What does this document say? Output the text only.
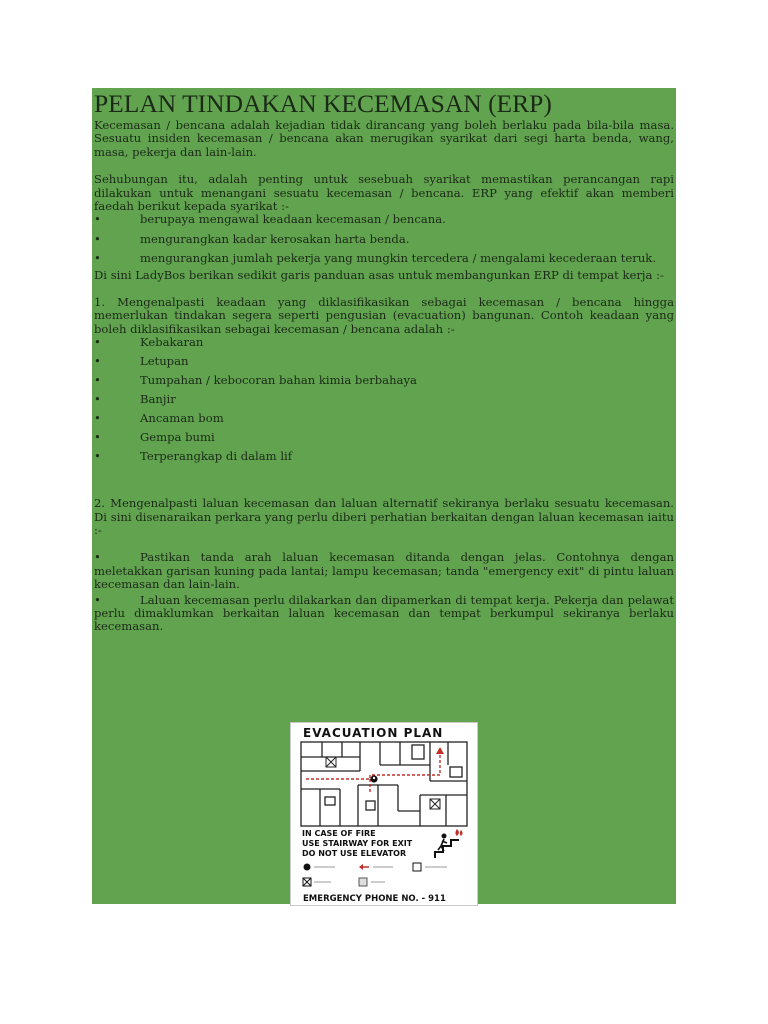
PELAN TINDAKAN KECEMASAN (ERP)

Kecemasan / bencana adalah kejadian tidak dirancang yang boleh berlaku pada bila-bila masa. Sesuatu insiden kecemasan / bencana akan merugikan syarikat dari segi harta benda, wang, masa, pekerja dan lain-lain.

Sehubungan itu, adalah penting untuk sesebuah syarikat memastikan perancangan rapi dilakukan untuk menangani sesuatu kecemasan / bencana. ERP yang efektif akan memberi faedah berikut kepada syarikat :-

•	berupaya mengawal keadaan kecemasan / bencana.
•	mengurangkan kadar kerosakan harta benda.
•	mengurangkan jumlah pekerja yang mungkin tercedera / mengalami kecederaan teruk.

Di sini LadyBos berikan sedikit garis panduan asas untuk membangunkan ERP di tempat kerja :-

1. Mengenalpasti keadaan yang diklasifikasikan sebagai kecemasan / bencana hingga memerlukan tindakan segera seperti pengusian (evacuation) bangunan. Contoh keadaan yang boleh diklasifikasikan sebagai kecemasan / bencana adalah :-

•	Kebakaran
•	Letupan
•	Tumpahan / kebocoran bahan kimia berbahaya
•	Banjir
•	Ancaman bom
•	Gempa bumi
•	Terperangkap di dalam lif

2. Mengenalpasti laluan kecemasan dan laluan alternatif sekiranya berlaku sesuatu kecemasan. Di sini disenaraikan perkara yang perlu diberi perhatian berkaitan dengan laluan kecemasan iaitu :-

•	Pastikan tanda arah laluan kecemasan ditanda dengan jelas. Contohnya dengan meletakkan garisan kuning pada lantai; lampu kecemasan; tanda "emergency exit" di pintu laluan kecemasan dan lain-lain.
•	Laluan kecemasan perlu dilakarkan dan dipamerkan di tempat kerja. Pekerja dan pelawat perlu dimaklumkan berkaitan laluan kecemasan dan tempat berkumpul sekiranya berlaku kecemasan.
EVACUATION PLAN
IN CASE OF FIRE
USE STAIRWAY FOR EXIT
DO NOT USE ELEVATOR
EMERGENCY PHONE NO. - 911
